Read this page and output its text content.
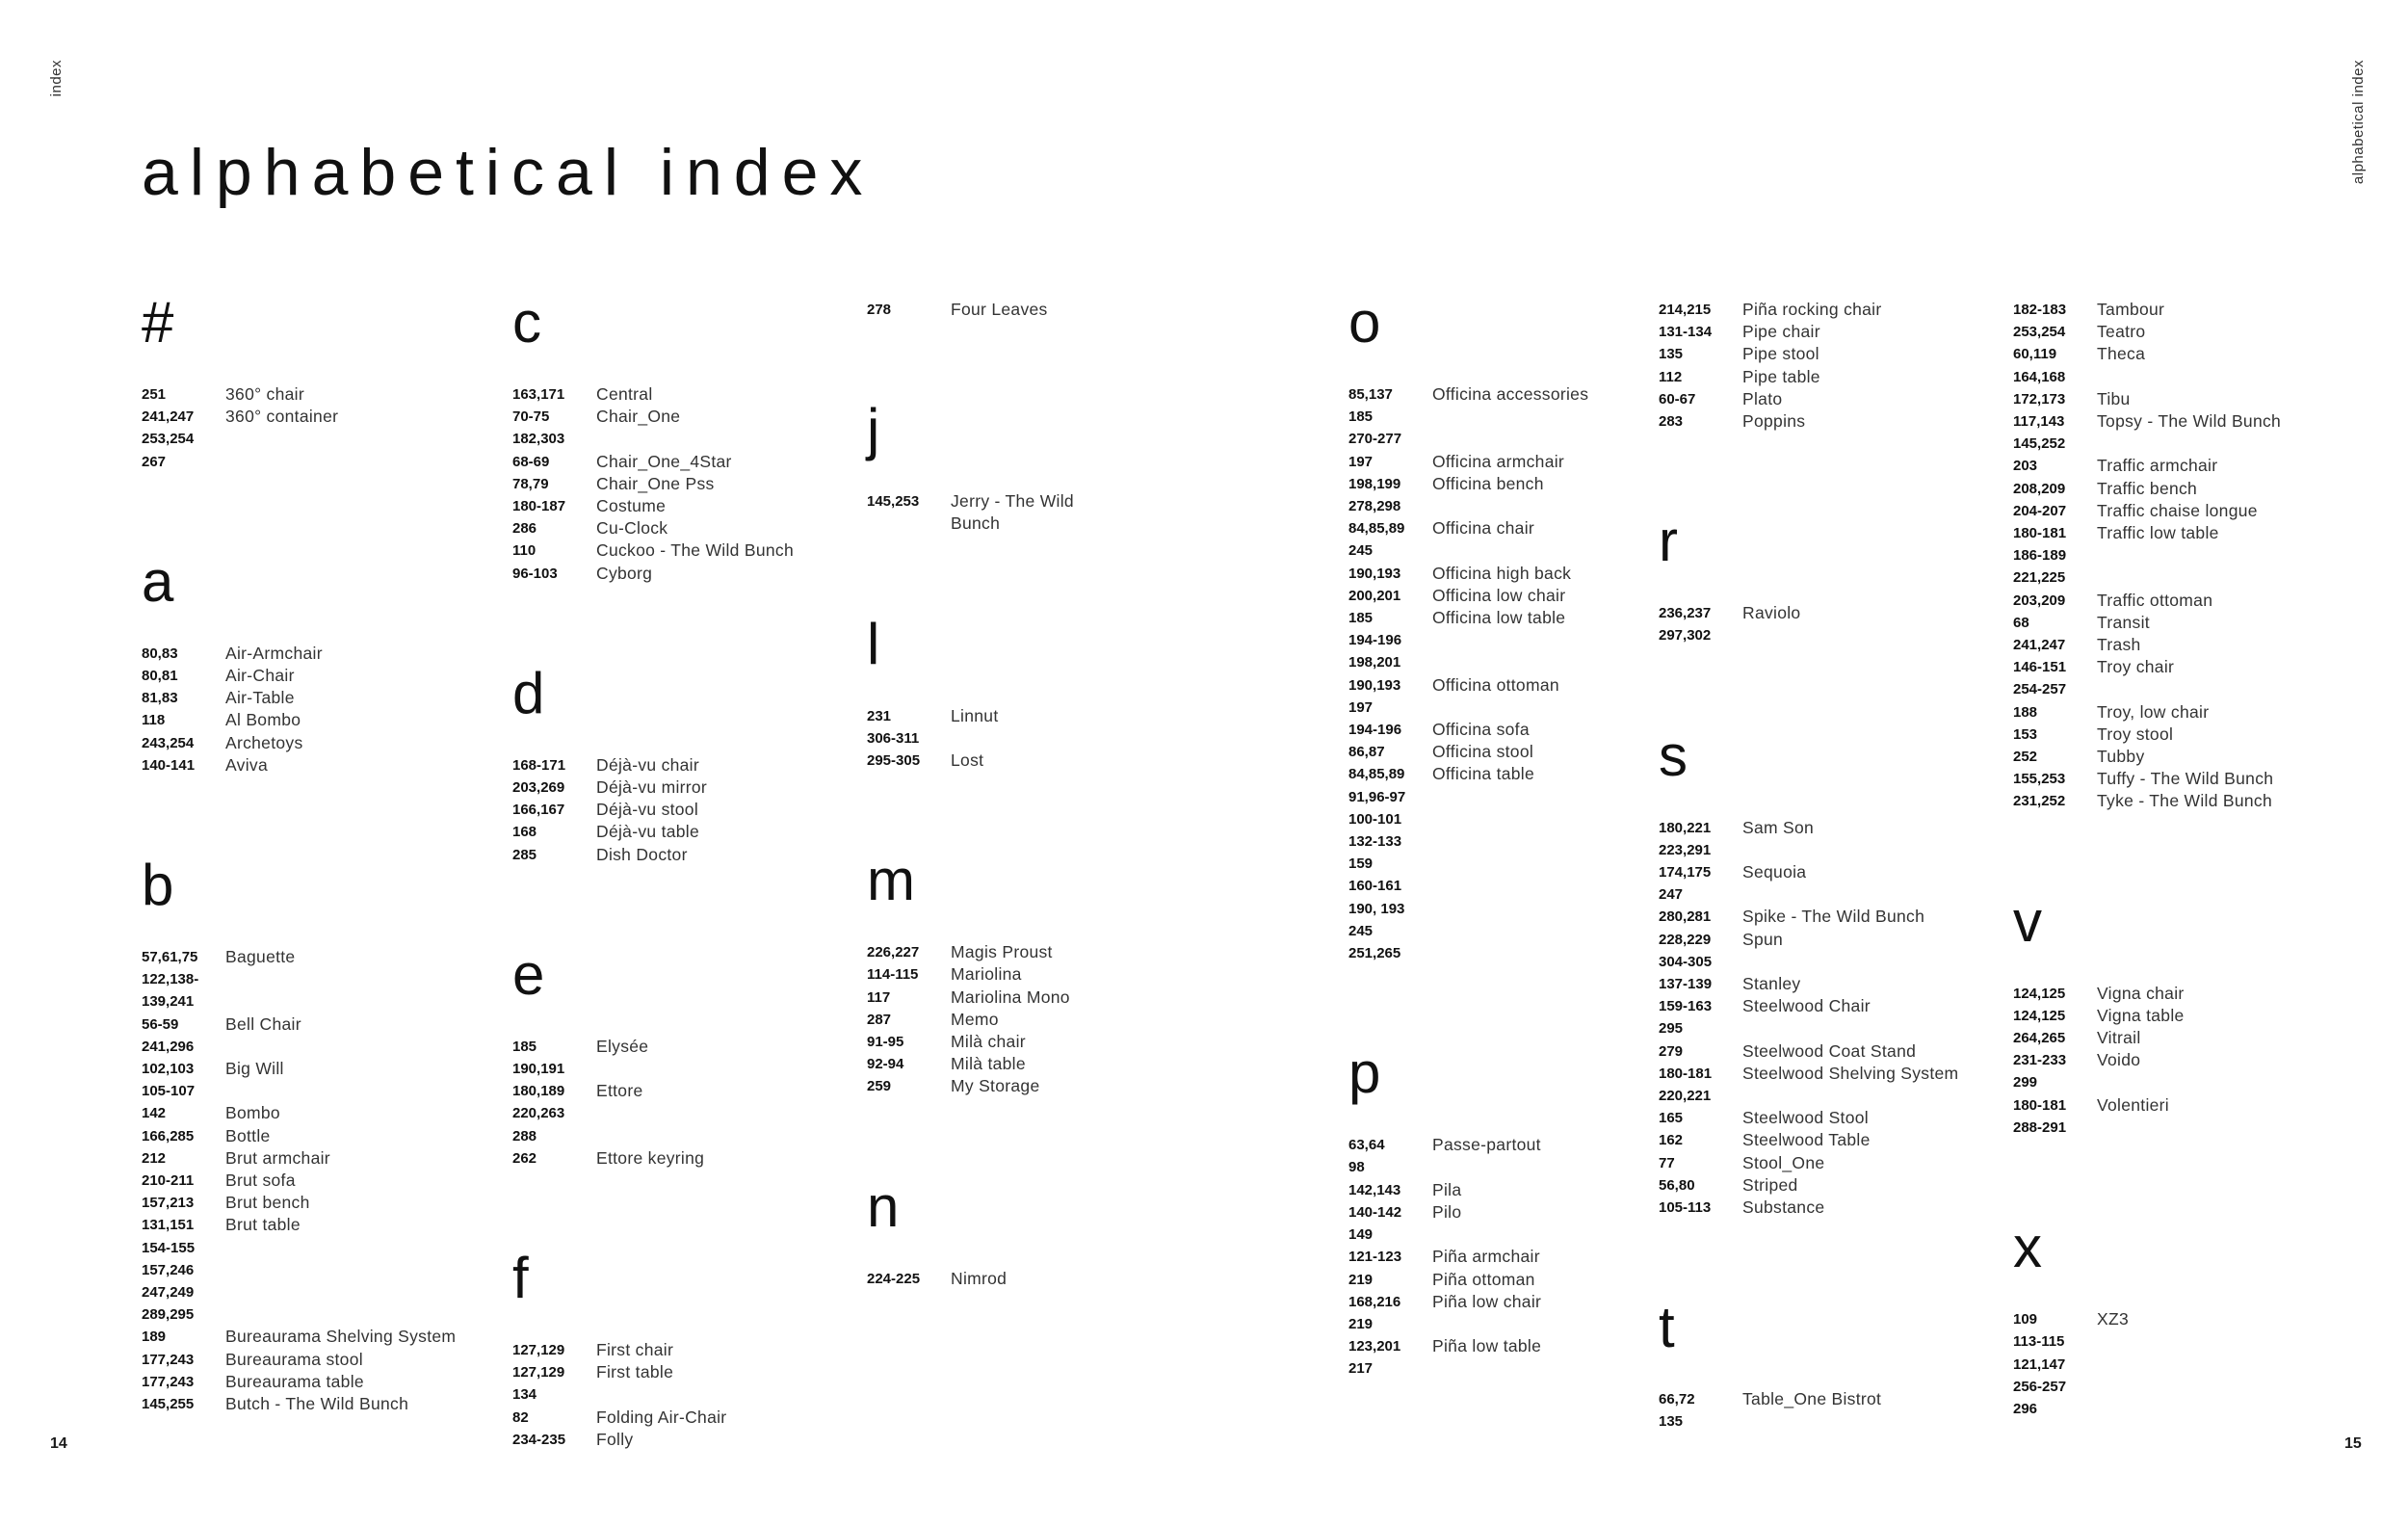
index	alphabetical index
alphabetical index
#
251	360° chair
241,247	360° container
253,254
267
a
80,83	Air-Armchair
80,81	Air-Chair
81,83	Air-Table
118	Al Bombo
243,254	Archetoys
140-141	Aviva
b
57,61,75	Baguette
122,138-
139,241
56-59	Bell Chair
241,296
102,103	Big Will
105-107
142	Bombo
166,285	Bottle
212	Brut armchair
210-211	Brut sofa
157,213	Brut bench
131,151	Brut table
154-155
157,246
247,249
289,295
189	Bureaurama Shelving System
177,243	Bureaurama stool
177,243	Bureaurama table
145,255	Butch - The Wild Bunch
c
163,171	Central
70-75	Chair_One
182,303
68-69	Chair_One_4Star
78,79	Chair_One Pss
180-187	Costume
286	Cu-Clock
110	Cuckoo - The Wild Bunch
96-103	Cyborg
d
168-171	Déjà-vu chair
203,269	Déjà-vu mirror
166,167	Déjà-vu stool
168	Déjà-vu table
285	Dish Doctor
e
185	Elysée
190,191
180,189	Ettore
220,263
288
262	Ettore keyring
f
127,129	First chair
127,129	First table
134
82	Folding Air-Chair
234-235	Folly
278	Four Leaves
j
145,253	Jerry - The Wild
Bunch
l
231	Linnut
306-311
295-305	Lost
m
226,227	Magis Proust
114-115	Mariolina
117	Mariolina Mono
287	Memo
91-95	Milà chair
92-94	Milà table
259	My Storage
n
224-225	Nimrod
o
85,137	Officina accessories
185
270-277
197	Officina armchair
198,199	Officina bench
278,298
84,85,89	Officina chair
245
190,193	Officina high back
200,201	Officina low chair
185	Officina low table
194-196
198,201
190,193	Officina ottoman
197
194-196	Officina sofa
86,87	Officina stool
84,85,89	Officina table
91,96-97
100-101
132-133
159
160-161
190, 193
245
251,265
p
63,64	Passe-partout
98
142,143	Pila
140-142	Pilo
149
121-123	Piña armchair
219	Piña ottoman
168,216	Piña low chair
219
123,201	Piña low table
217
214,215	Piña rocking chair
131-134	Pipe chair
135	Pipe stool
112	Pipe table
60-67	Plato
283	Poppins
r
236,237	Raviolo
297,302
s
180,221	Sam Son
223,291
174,175	Sequoia
247
280,281	Spike - The Wild Bunch
228,229	Spun
304-305
137-139	Stanley
159-163	Steelwood Chair
295
279	Steelwood Coat Stand
180-181	Steelwood Shelving System
220,221
165	Steelwood Stool
162	Steelwood Table
77	Stool_One
56,80	Striped
105-113	Substance
t
66,72	Table_One Bistrot
135
182-183	Tambour
253,254	Teatro
60,119	Theca
164,168
172,173	Tibu
117,143	Topsy - The Wild Bunch
145,252
203	Traffic armchair
208,209	Traffic bench
204-207	Traffic chaise longue
180-181	Traffic low table
186-189
221,225
203,209	Traffic ottoman
68	Transit
241,247	Trash
146-151	Troy chair
254-257
188	Troy, low chair
153	Troy stool
252	Tubby
155,253	Tuffy - The Wild Bunch
231,252	Tyke - The Wild Bunch
v
124,125	Vigna chair
124,125	Vigna table
264,265	Vitrail
231-233	Voido
299
180-181	Volentieri
288-291
x
109	XZ3
113-115
121,147
256-257
296
14	15
